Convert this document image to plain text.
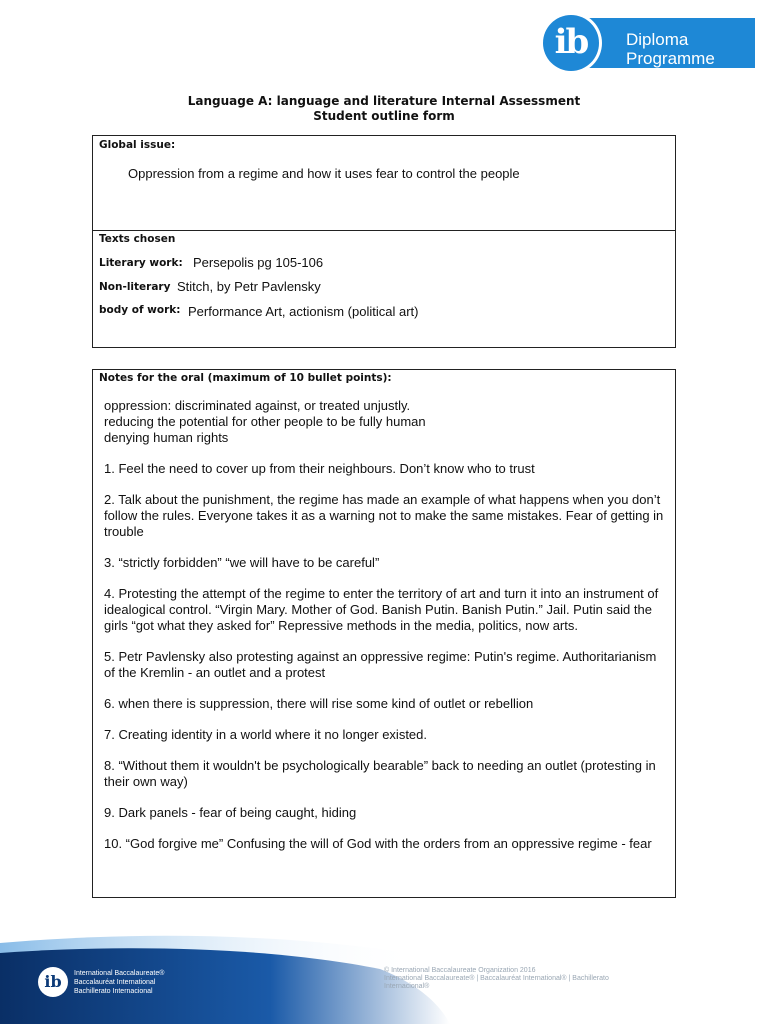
Diploma
Programme
ib
Language A: language and literature Internal Assessment
Student outline form
Global issue:
Oppression from a regime and how it uses fear to control the people
Texts chosen
Literary work: Persepolis pg 105-106
Non-literary Stitch, by Petr Pavlensky
body of work: Performance Art, actionism (political art)
Notes for the oral (maximum of 10 bullet points):

oppression: discriminated against, or treated unjustly.
reducing the potential for other people to be fully human
denying human rights

1. Feel the need to cover up from their neighbours. Don’t know who to trust

2. Talk about the punishment, the regime has made an example of what happens when you don’t follow the rules. Everyone takes it as a warning not to make the same mistakes. Fear of getting in trouble

3. “strictly forbidden” “we will have to be careful”

4. Protesting the attempt of the regime to enter the territory of art and turn it into an instrument of idealogical control. “Virgin Mary. Mother of God. Banish Putin. Banish Putin.” Jail. Putin said the girls “got what they asked for” Repressive methods in the media, politics, now arts.

5. Petr Pavlensky also protesting against an oppressive regime: Putin's regime. Authoritarianism of the Kremlin - an outlet and a protest

6. when there is suppression, there will rise some kind of outlet or rebellion

7. Creating identity in a world where it no longer existed.

8. “Without them it wouldn't be psychologically bearable” back to needing an outlet (protesting in their own way)

9. Dark panels - fear of being caught, hiding

10. “God forgive me” Confusing the will of God with the orders from an oppressive regime - fear

ib	International Baccalaureate®
Baccalauréat International
Bachillerato Internacional
© International Baccalaureate Organization 2016
International Baccalaureate® | Baccalauréat International® | Bachillerato
Internacional®
